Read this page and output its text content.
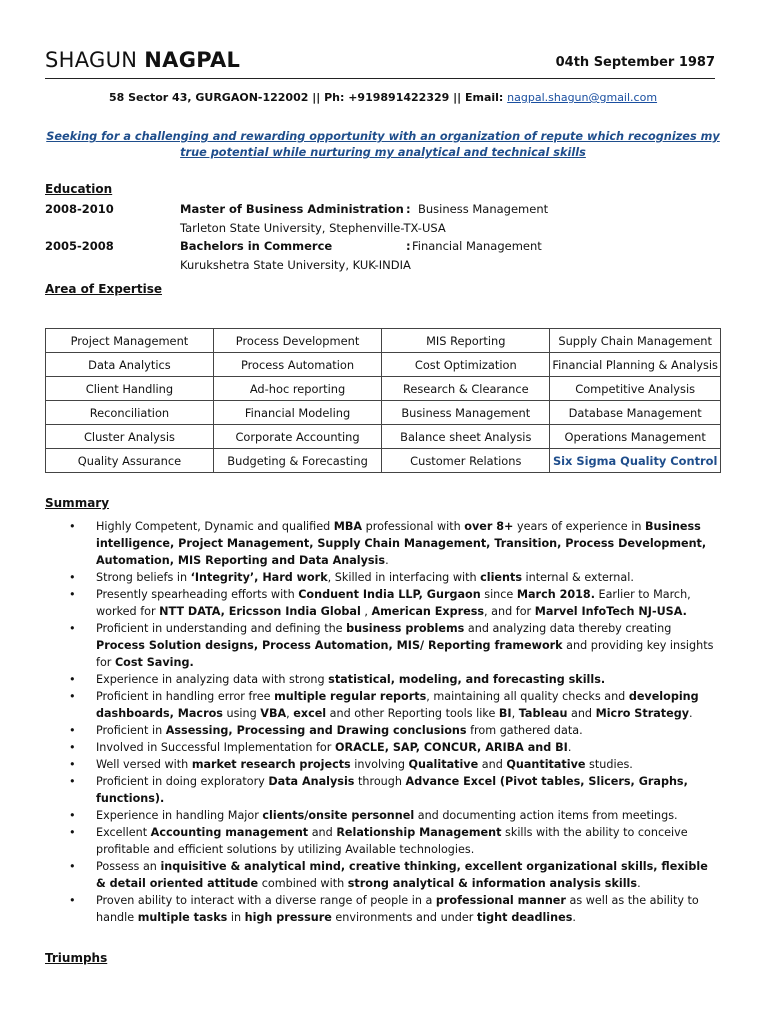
SHAGUN NAGPAL	04th September 1987
58 Sector 43, GURGAON-122002 || Ph: +919891422329 || Email: nagpal.shagun@gmail.com
Seeking for a challenging and rewarding opportunity with an organization of repute which recognizes my true potential while nurturing my analytical and technical skills
Education
2008-2010	Master of Business Administration : Business Management
Tarleton State University, Stephenville-TX-USA
2005-2008	Bachelors in Commerce	: Financial Management
Kurukshetra State University, KUK-INDIA
Area of Expertise
Project Management	Process Development	MIS Reporting	Supply Chain Management
Data Analytics	Process Automation	Cost Optimization	Financial Planning & Analysis
Client Handling	Ad-hoc reporting	Research & Clearance	Competitive Analysis
Reconciliation	Financial Modeling	Business Management	Database Management
Cluster Analysis	Corporate Accounting	Balance sheet Analysis	Operations Management
Quality Assurance	Budgeting & Forecasting	Customer Relations	Six Sigma Quality Control
Summary
• Highly Competent, Dynamic and qualified MBA professional with over 8+ years of experience in Business intelligence, Project Management, Supply Chain Management, Transition, Process Development, Automation, MIS Reporting and Data Analysis.
• Strong beliefs in ‘Integrity’, Hard work, Skilled in interfacing with clients internal & external.
• Presently spearheading efforts with Conduent India LLP, Gurgaon since March 2018. Earlier to March, worked for NTT DATA, Ericsson India Global , American Express, and for Marvel InfoTech NJ-USA.
• Proficient in understanding and defining the business problems and analyzing data thereby creating Process Solution designs, Process Automation, MIS/ Reporting framework and providing key insights for Cost Saving.
• Experience in analyzing data with strong statistical, modeling, and forecasting skills.
• Proficient in handling error free multiple regular reports, maintaining all quality checks and developing dashboards, Macros using VBA, excel and other Reporting tools like BI, Tableau and Micro Strategy.
• Proficient in Assessing, Processing and Drawing conclusions from gathered data.
• Involved in Successful Implementation for ORACLE, SAP, CONCUR, ARIBA and BI.
• Well versed with market research projects involving Qualitative and Quantitative studies.
• Proficient in doing exploratory Data Analysis through Advance Excel (Pivot tables, Slicers, Graphs, functions).
• Experience in handling Major clients/onsite personnel and documenting action items from meetings.
• Excellent Accounting management and Relationship Management skills with the ability to conceive profitable and efficient solutions by utilizing Available technologies.
• Possess an inquisitive & analytical mind, creative thinking, excellent organizational skills, flexible & detail oriented attitude combined with strong analytical & information analysis skills.
• Proven ability to interact with a diverse range of people in a professional manner as well as the ability to handle multiple tasks in high pressure environments and under tight deadlines.
Triumphs
